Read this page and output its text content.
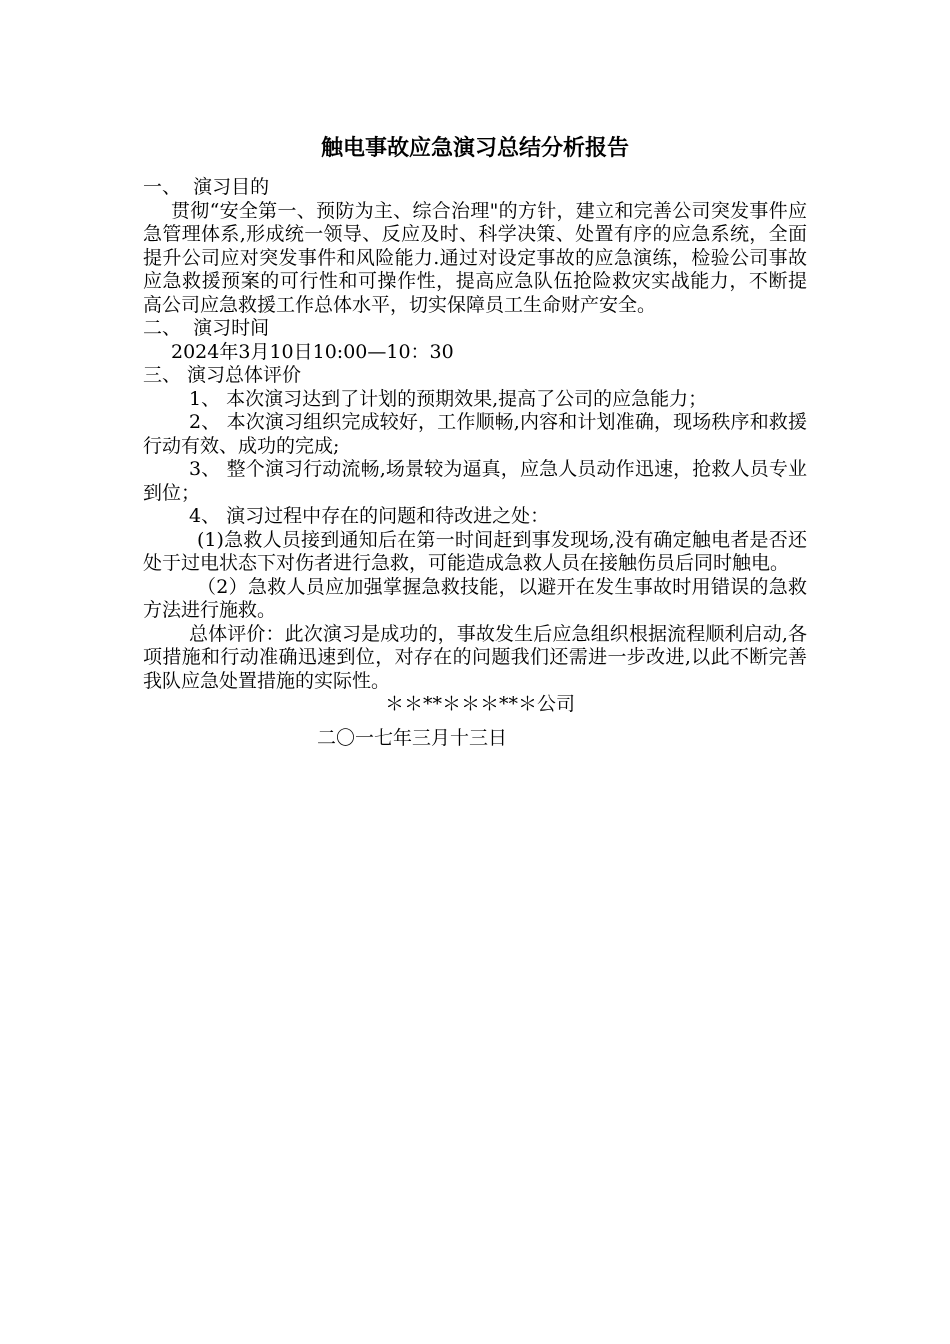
触电事故应急演习总结分析报告

一、  演习目的

贯彻“安全第一、预防为主、综合治理"的方针，建立和完善公司突发事件应急管理体系,形成统一领导、反应及时、科学决策、处置有序的应急系统，全面提升公司应对突发事件和风险能力.通过对设定事故的应急演练，检验公司事故应急救援预案的可行性和可操作性，提高应急队伍抢险救灾实战能力，不断提高公司应急救援工作总体水平，切实保障员工生命财产安全。

二、  演习时间

2024年3月10日10:00—10：30

三、 演习总体评价

1、 本次演习达到了计划的预期效果,提高了公司的应急能力；

2、 本次演习组织完成较好，工作顺畅,内容和计划准确，现场秩序和救援行动有效、成功的完成;

3、 整个演习行动流畅,场景较为逼真，应急人员动作迅速，抢救人员专业到位；

4、 演习过程中存在的问题和待改进之处：

(1)急救人员接到通知后在第一时间赶到事发现场,没有确定触电者是否还处于过电状态下对伤者进行急救，可能造成急救人员在接触伤员后同时触电。

（2）急救人员应加强掌握急救技能，以避开在发生事故时用错误的急救方法进行施救。

总体评价：此次演习是成功的，事故发生后应急组织根据流程顺利启动,各项措施和行动准确迅速到位，对存在的问题我们还需进一步改进,以此不断完善我队应急处置措施的实际性。

＊＊**＊＊＊**＊公司

二〇一七年三月十三日
